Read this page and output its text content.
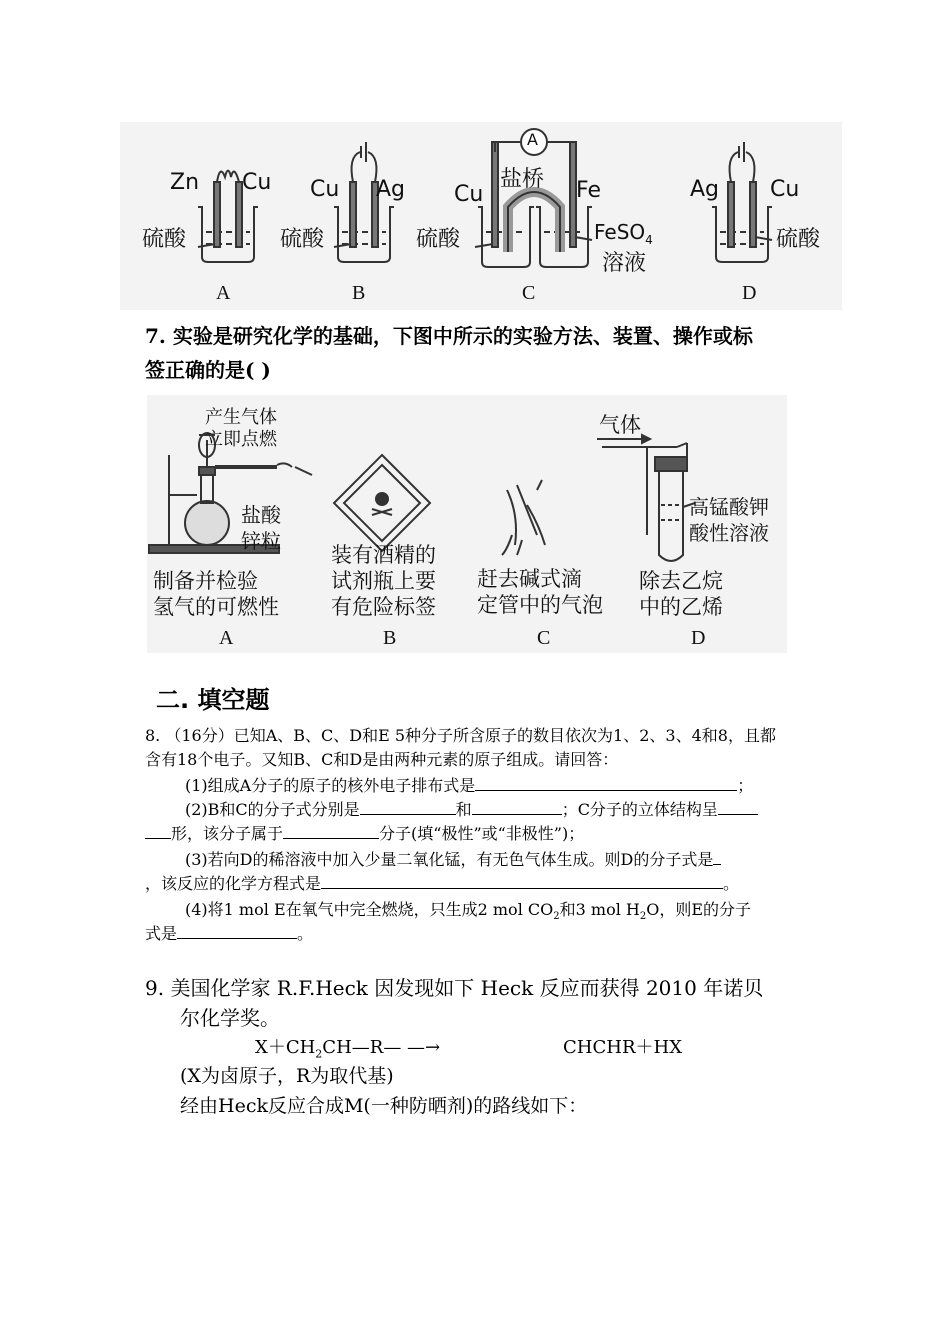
Zn Cu
硫酸
A
Cu Ag
硫酸
B
A
盐桥
Cu	Fe
硫酸	FeSO$_4$
溶液
C
Ag Cu
硫酸
D
7. 实验是研究化学的基础，下图中所示的实验方法、装置、操作或标
签正确的是( )
产生气体
立即点燃
盐酸
锌粒
制备并检验
氢气的可燃性
A
装有酒精的
试剂瓶上要
有危险标签
B
赶去碱式滴
定管中的气泡
C
气体
高锰酸钾
酸性溶液
除去乙烷
中的乙烯
D
二. 填空题
8. （16分）已知A、B、C、D和E 5种分子所含原子的数目依次为1、2、3、4和8，且都
含有18个电子。又知B、C和D是由两种元素的原子组成。请回答：
(1)组成A分子的原子的核外电子排布式是	；
(2)B和C的分子式分别是	和	；C分子的立体结构呈
形，该分子属于	分子(填“极性”或“非极性”)；
(3)若向D的稀溶液中加入少量二氧化锰，有无色气体生成。则D的分子式是
，该反应的化学方程式是	。
(4)将1 mol E在氧气中完全燃烧，只生成2 mol $CO_2$和3 mol $H_2O$，则E的分子
式是	。
9. 美国化学家 R.F.Heck 因发现如下 Heck 反应而获得 2010 年诺贝
尔化学奖。
$X+CH_2CH—R—$ —→	CHCHR＋HX
(X为卤原子，R为取代基)
经由Heck反应合成M(一种防晒剂)的路线如下：
